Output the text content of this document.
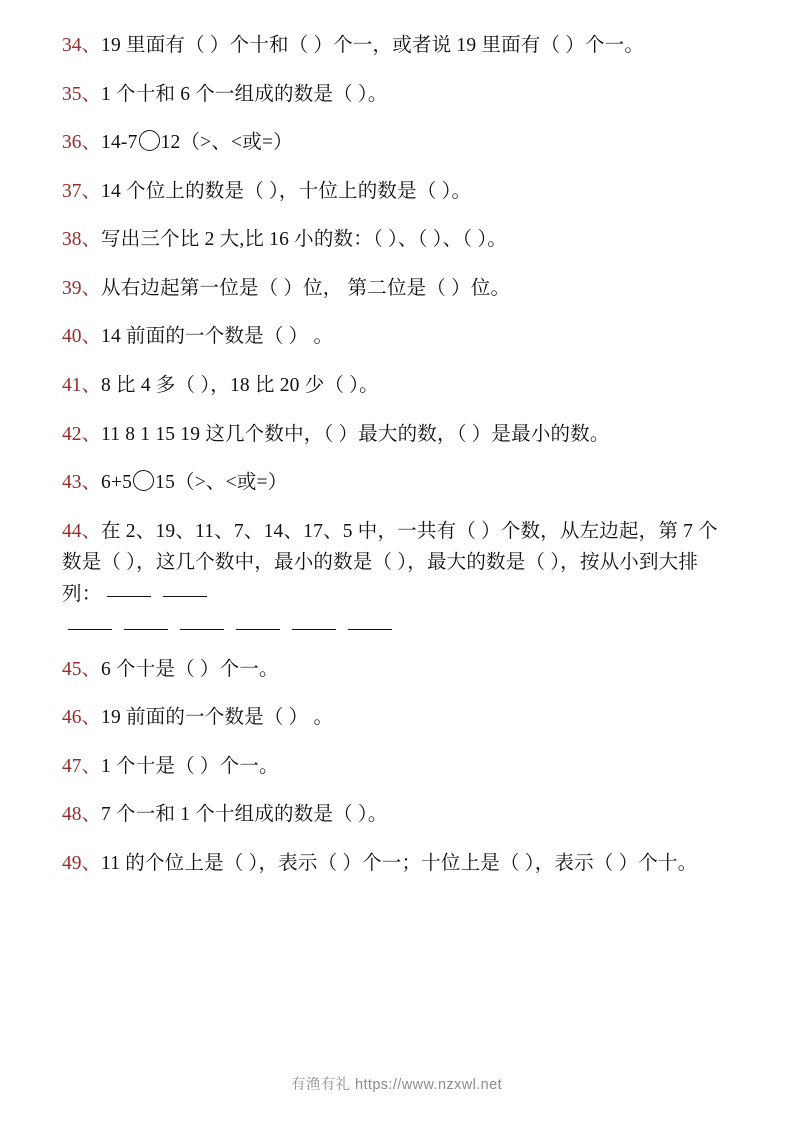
34、19 里面有（ ）个十和（ ）个一，或者说 19 里面有（ ）个一。

35、1 个十和 6 个一组成的数是（ ）。

36、14-7 12（>、<或=）

37、14 个位上的数是（ ），十位上的数是（ ）。

38、写出三个比 2 大,比 16 小的数：（ ）、（ ）、（ ）。

39、从右边起第一位是（ ）位， 第二位是（ ）位。

40、14 前面的一个数是（ ） 。

41、8 比 4 多（ ），18 比 20 少（ ）。

42、11 8 1 15 19 这几个数中，（ ）最大的数，（ ）是最小的数。

43、6+5 15（>、<或=）

44、在 2、19、11、7、14、17、5 中，一共有（ ）个数，从左边起，第 7 个数是（ ），这几个数中，最小的数是（ ），最大的数是（ ），按从小到大排列：

45、6 个十是（ ）个一。

46、19 前面的一个数是（ ） 。

47、1 个十是（ ）个一。

48、7 个一和 1 个十组成的数是（ ）。

49、11 的个位上是（ ），表示（ ）个一；十位上是（ ），表示（ ）个十。

有渔有礼 https://www.nzxwl.net
